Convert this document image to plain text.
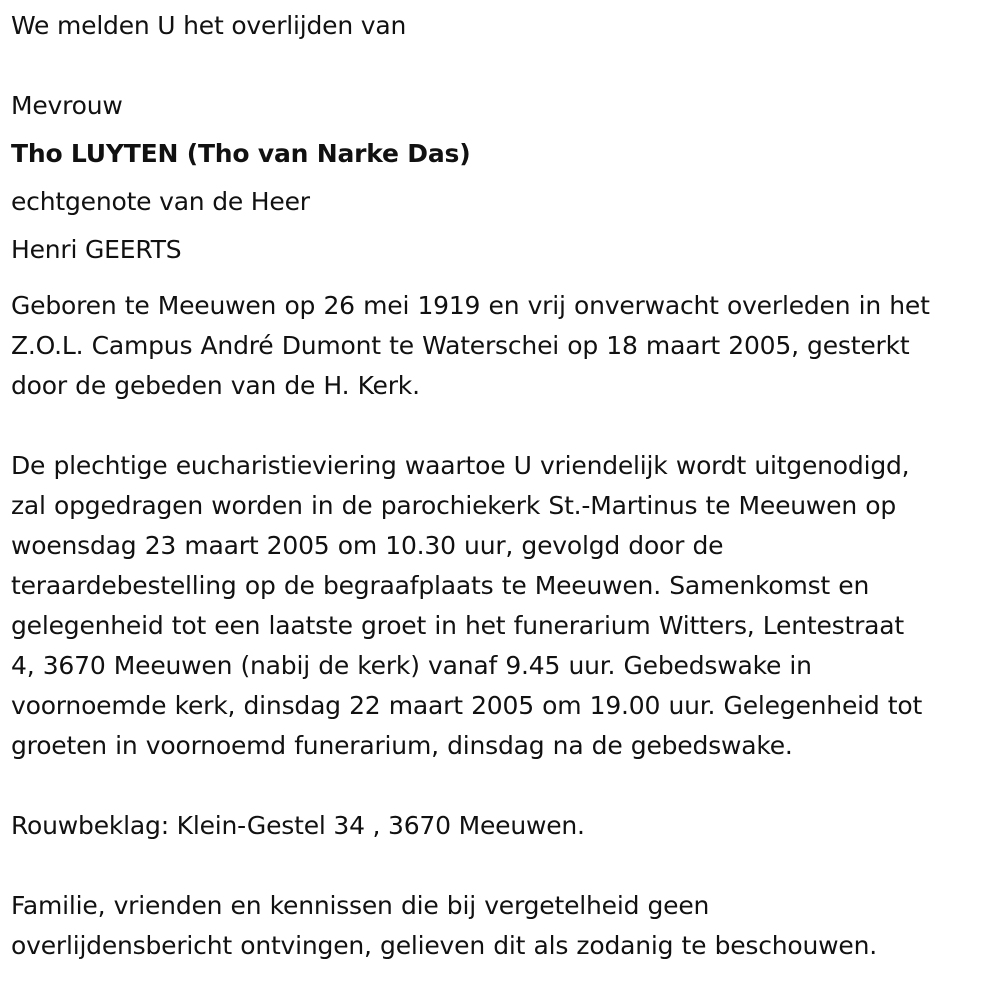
We melden U het overlijden van
Mevrouw
Tho LUYTEN (Tho van Narke Das)
echtgenote van de Heer
Henri GEERTS
Geboren te Meeuwen op 26 mei 1919 en vrij onverwacht overleden in het
Z.O.L. Campus André Dumont te Waterschei op 18 maart 2005, gesterkt
door de gebeden van de H. Kerk.
De plechtige eucharistieviering waartoe U vriendelijk wordt uitgenodigd,
zal opgedragen worden in de parochiekerk St.-Martinus te Meeuwen op
woensdag 23 maart 2005 om 10.30 uur, gevolgd door de
teraardebestelling op de begraafplaats te Meeuwen. Samenkomst en
gelegenheid tot een laatste groet in het funerarium Witters, Lentestraat
4, 3670 Meeuwen (nabij de kerk) vanaf 9.45 uur. Gebedswake in
voornoemde kerk, dinsdag 22 maart 2005 om 19.00 uur. Gelegenheid tot
groeten in voornoemd funerarium, dinsdag na de gebedswake.
Rouwbeklag: Klein-Gestel 34 , 3670 Meeuwen.
Familie, vrienden en kennissen die bij vergetelheid geen
overlijdensbericht ontvingen, gelieven dit als zodanig te beschouwen.
